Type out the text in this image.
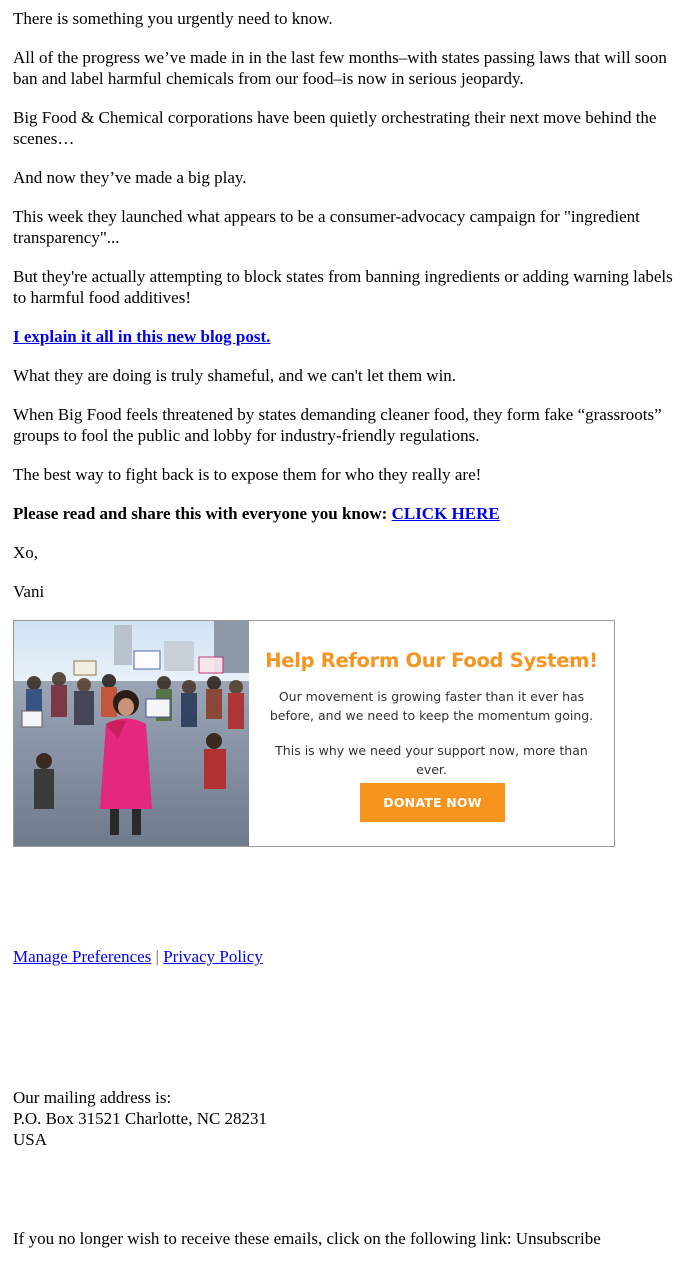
There is something you urgently need to know.

All of the progress we’ve made in in the last few months–with states passing laws that will soon ban and label harmful chemicals from our food–is now in serious jeopardy.

Big Food & Chemical corporations have been quietly orchestrating their next move behind the scenes…

And now they’ve made a big play.

This week they launched what appears to be a consumer-advocacy campaign for "ingredient transparency"...

But they're actually attempting to block states from banning ingredients or adding warning labels to harmful food additives!

I explain it all in this new blog post.

What they are doing is truly shameful, and we can't let them win.

When Big Food feels threatened by states demanding cleaner food, they form fake “grassroots” groups to fool the public and lobby for industry-friendly regulations.

The best way to fight back is to expose them for who they really are!

Please read and share this with everyone you know: CLICK HERE

Xo,

Vani

Help Reform Our Food System!
Our movement is growing faster than it ever has before, and we need to keep the momentum going.
This is why we need your support now, more than ever.
DONATE NOW
Manage Preferences | Privacy Policy
Our mailing address is:
P.O. Box 31521 Charlotte, NC 28231
USA
If you no longer wish to receive these emails, click on the following link: Unsubscribe
